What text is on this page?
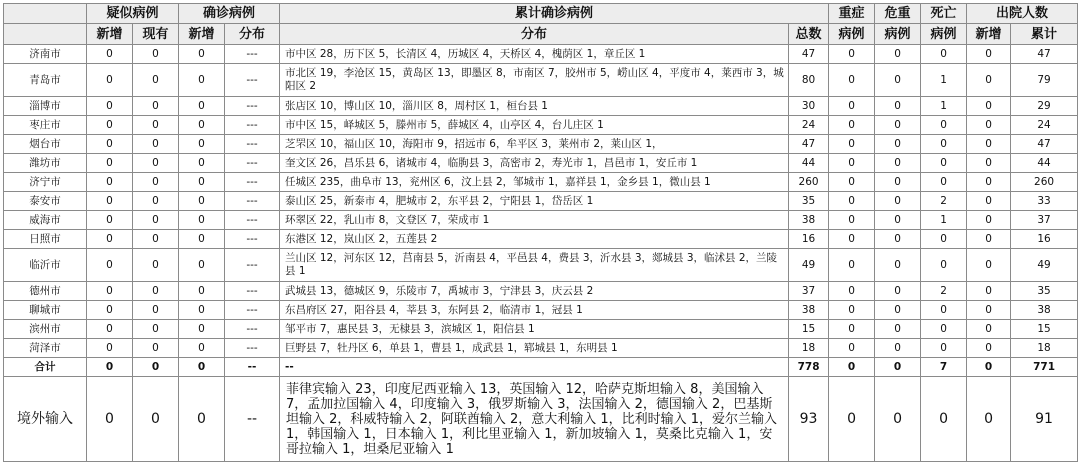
	疑似病例		确诊病例		累计确诊病例		重症	危重	死亡	出院人数	
	新增	现有	新增	分布	分布	总数	病例	病例	病例	新增	累计
济南市	0	0	0	---	市中区 28，历下区 5，长清区 4，历城区 4，天桥区 4，槐荫区 1，章丘区 1	47	0	0	0	0	47
青岛市	0	0	0	---	市北区 19，李沧区 15，黄岛区 13，即墨区 8，市南区 7，胶州市 5，崂山区 4，平度市 4，莱西市 3，城阳区 2	80	0	0	1	0	79
淄博市	0	0	0	---	张店区 10，博山区 10，淄川区 8，周村区 1，桓台县 1	30	0	0	1	0	29
枣庄市	0	0	0	---	市中区 15，峄城区 5，滕州市 5，薛城区 4，山亭区 4，台儿庄区 1	24	0	0	0	0	24
烟台市	0	0	0	---	芝罘区 10，福山区 10，海阳市 9，招远市 6，牟平区 3，莱州市 2，莱山区 1，	47	0	0	0	0	47
潍坊市	0	0	0	---	奎文区 26，昌乐县 6，诸城市 4，临朐县 3，高密市 2，寿光市 1，昌邑市 1，安丘市 1	44	0	0	0	0	44
济宁市	0	0	0	---	任城区 235，曲阜市 13，兖州区 6，汶上县 2，邹城市 1，嘉祥县 1，金乡县 1，微山县 1	260	0	0	0	0	260
泰安市	0	0	0	---	泰山区 25，新泰市 4，肥城市 2，东平县 2，宁阳县 1，岱岳区 1	35	0	0	2	0	33
威海市	0	0	0	---	环翠区 22，乳山市 8，文登区 7，荣成市 1	38	0	0	1	0	37
日照市	0	0	0	---	东港区 12，岚山区 2，五莲县 2	16	0	0	0	0	16
临沂市	0	0	0	---	兰山区 12，河东区 12，莒南县 5，沂南县 4，平邑县 4，费县 3，沂水县 3，郯城县 3，临沭县 2，兰陵县 1	49	0	0	0	0	49
德州市	0	0	0	---	武城县 13，德城区 9，乐陵市 7，禹城市 3，宁津县 3，庆云县 2	37	0	0	2	0	35
聊城市	0	0	0	---	东昌府区 27，阳谷县 4，莘县 3，东阿县 2，临清市 1，冠县 1	38	0	0	0	0	38
滨州市	0	0	0	---	邹平市 7，惠民县 3，无棣县 3，滨城区 1，阳信县 1	15	0	0	0	0	15
菏泽市	0	0	0	---	巨野县 7，牡丹区 6，单县 1，曹县 1，成武县 1，郓城县 1，东明县 1	18	0	0	0	0	18
合计	0	0	0	--	--	778	0	0	7	0	771
境外输入	0	0	0	--	菲律宾输入 23，印度尼西亚输入 13，英国输入 12，哈萨克斯坦输入 8，美国输入 7，孟加拉国输入 4，印度输入 3，俄罗斯输入 3，法国输入 2，德国输入 2，巴基斯坦输入 2，科威特输入 2，阿联酋输入 2，意大利输入 1，比利时输入 1，爱尔兰输入 1，韩国输入 1，日本输入 1，利比里亚输入 1，新加坡输入 1，莫桑比克输入 1，安哥拉输入 1，坦桑尼亚输入 1	93	0	0	0	0	91
